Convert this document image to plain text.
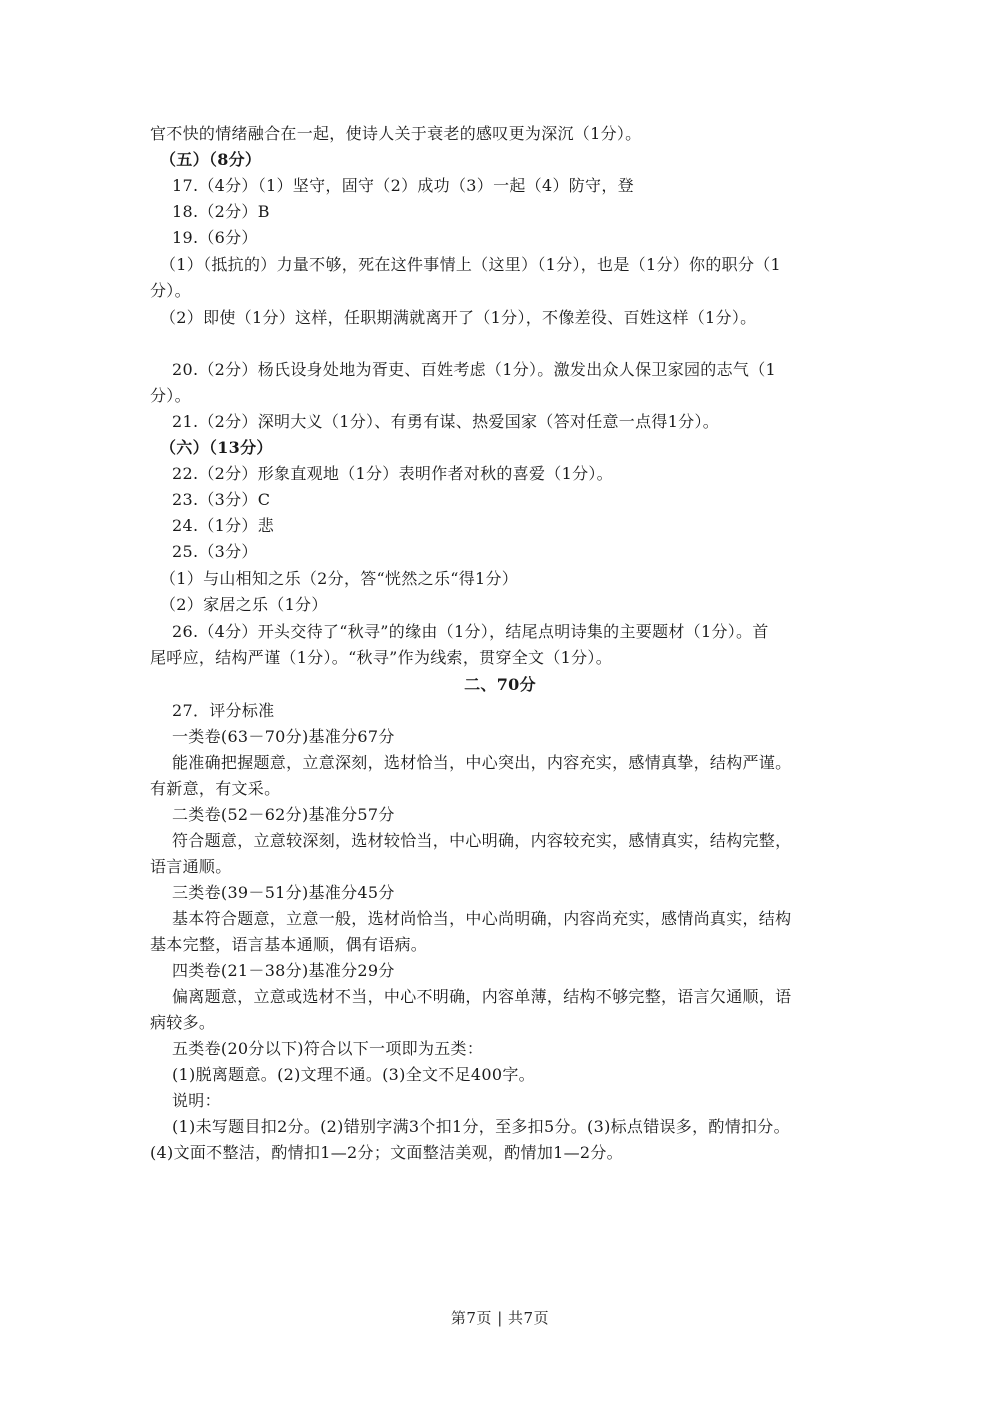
官不快的情绪融合在一起，使诗人关于衰老的感叹更为深沉（1分）。
（五）（8分）
17.（4分）（1）坚守，固守（2）成功（3）一起（4）防守，登
18.（2分）B
19.（6分）
（1）（抵抗的）力量不够，死在这件事情上（这里）（1分），也是（1分）你的职分（1
分）。
（2）即使（1分）这样，任职期满就离开了（1分），不像差役、百姓这样（1分）。
20.（2分）杨氏设身处地为胥吏、百姓考虑（1分）。激发出众人保卫家园的志气（1
分）。
21.（2分）深明大义（1分）、有勇有谋、热爱国家（答对任意一点得1分）。
（六）（13分）
22.（2分）形象直观地（1分）表明作者对秋的喜爱（1分）。
23.（3分）C
24.（1分）悲
25.（3分）
（1）与山相知之乐（2分，答“恍然之乐“得1分）
（2）家居之乐（1分）
26.（4分）开头交待了“秋寻”的缘由（1分），结尾点明诗集的主要题材（1分）。首
尾呼应，结构严谨（1分）。“秋寻”作为线索，贯穿全文（1分）。
二、70分
27．评分标准
一类卷(63－70分)基准分67分
能准确把握题意，立意深刻，选材恰当，中心突出，内容充实，感情真挚，结构严谨。
有新意，有文采。
二类卷(52－62分)基准分57分
符合题意，立意较深刻，选材较恰当，中心明确，内容较充实，感情真实，结构完整，
语言通顺。
三类卷(39－51分)基准分45分
基本符合题意，立意一般，选材尚恰当，中心尚明确，内容尚充实，感情尚真实，结构
基本完整，语言基本通顺，偶有语病。
四类卷(21－38分)基准分29分
偏离题意，立意或选材不当，中心不明确，内容单薄，结构不够完整，语言欠通顺，语
病较多。
五类卷(20分以下)符合以下一项即为五类：
(1)脱离题意。(2)文理不通。(3)全文不足400字。
说明：
(1)未写题目扣2分。(2)错别字满3个扣1分，至多扣5分。(3)标点错误多，酌情扣分。
(4)文面不整洁，酌情扣1—2分；文面整洁美观，酌情加1—2分。
第7页 | 共7页
